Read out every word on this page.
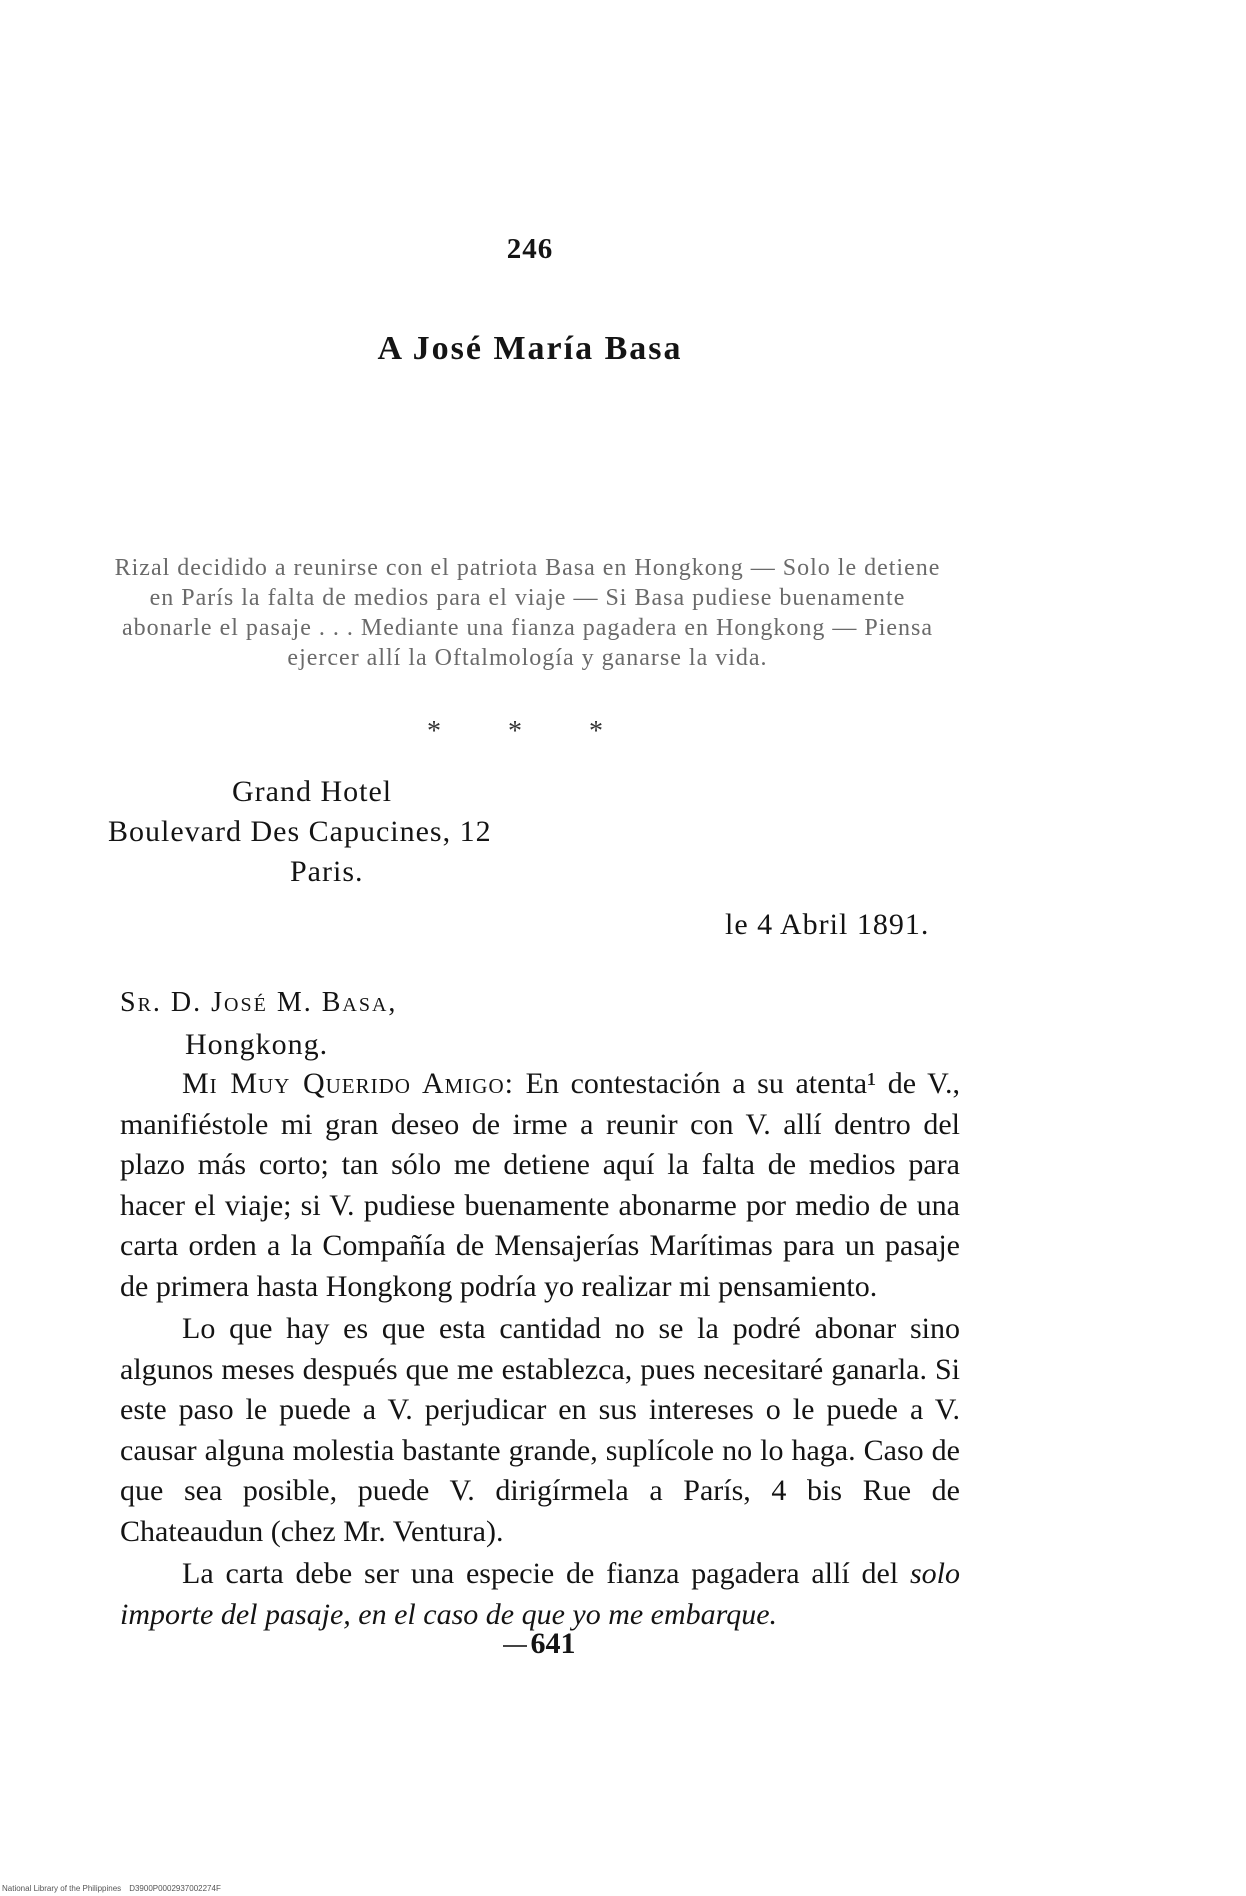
246
A José María Basa
Rizal decidido a reunirse con el patriota Basa en Hongkong — Solo le detiene en París la falta de medios para el viaje — Si Basa pudiese buenamente abonarle el pasaje . . . Mediante una fianza pagadera en Hongkong — Piensa ejercer allí la Oftalmología y ganarse la vida.
* * *
Grand Hotel
Boulevard Des Capucines, 12
Paris.
le 4 Abril 1891.
Sr. D. José M. Basa,
Hongkong.

Mi Muy Querido Amigo: En contestación a su atenta¹ de V., manifiéstole mi gran deseo de irme a reunir con V. allí dentro del plazo más corto; tan sólo me detiene aquí la falta de medios para hacer el viaje; si V. pudiese buenamente abonarme por medio de una carta orden a la Compañía de Mensajerías Marítimas para un pasaje de primera hasta Hongkong podría yo realizar mi pensamiento.

Lo que hay es que esta cantidad no se la podré abonar sino algunos meses después que me establezca, pues necesitaré ganarla. Si este paso le puede a V. perjudicar en sus intereses o le puede a V. causar alguna molestia bastante grande, suplícole no lo haga. Caso de que sea posible, puede V. dirigírmela a París, 4 bis Rue de Chateaudun (chez Mr. Ventura).

La carta debe ser una especie de fianza pagadera allí del solo importe del pasaje, en el caso de que yo me embarque.

641
National Library of the Philippines D3900P0002937002274F
